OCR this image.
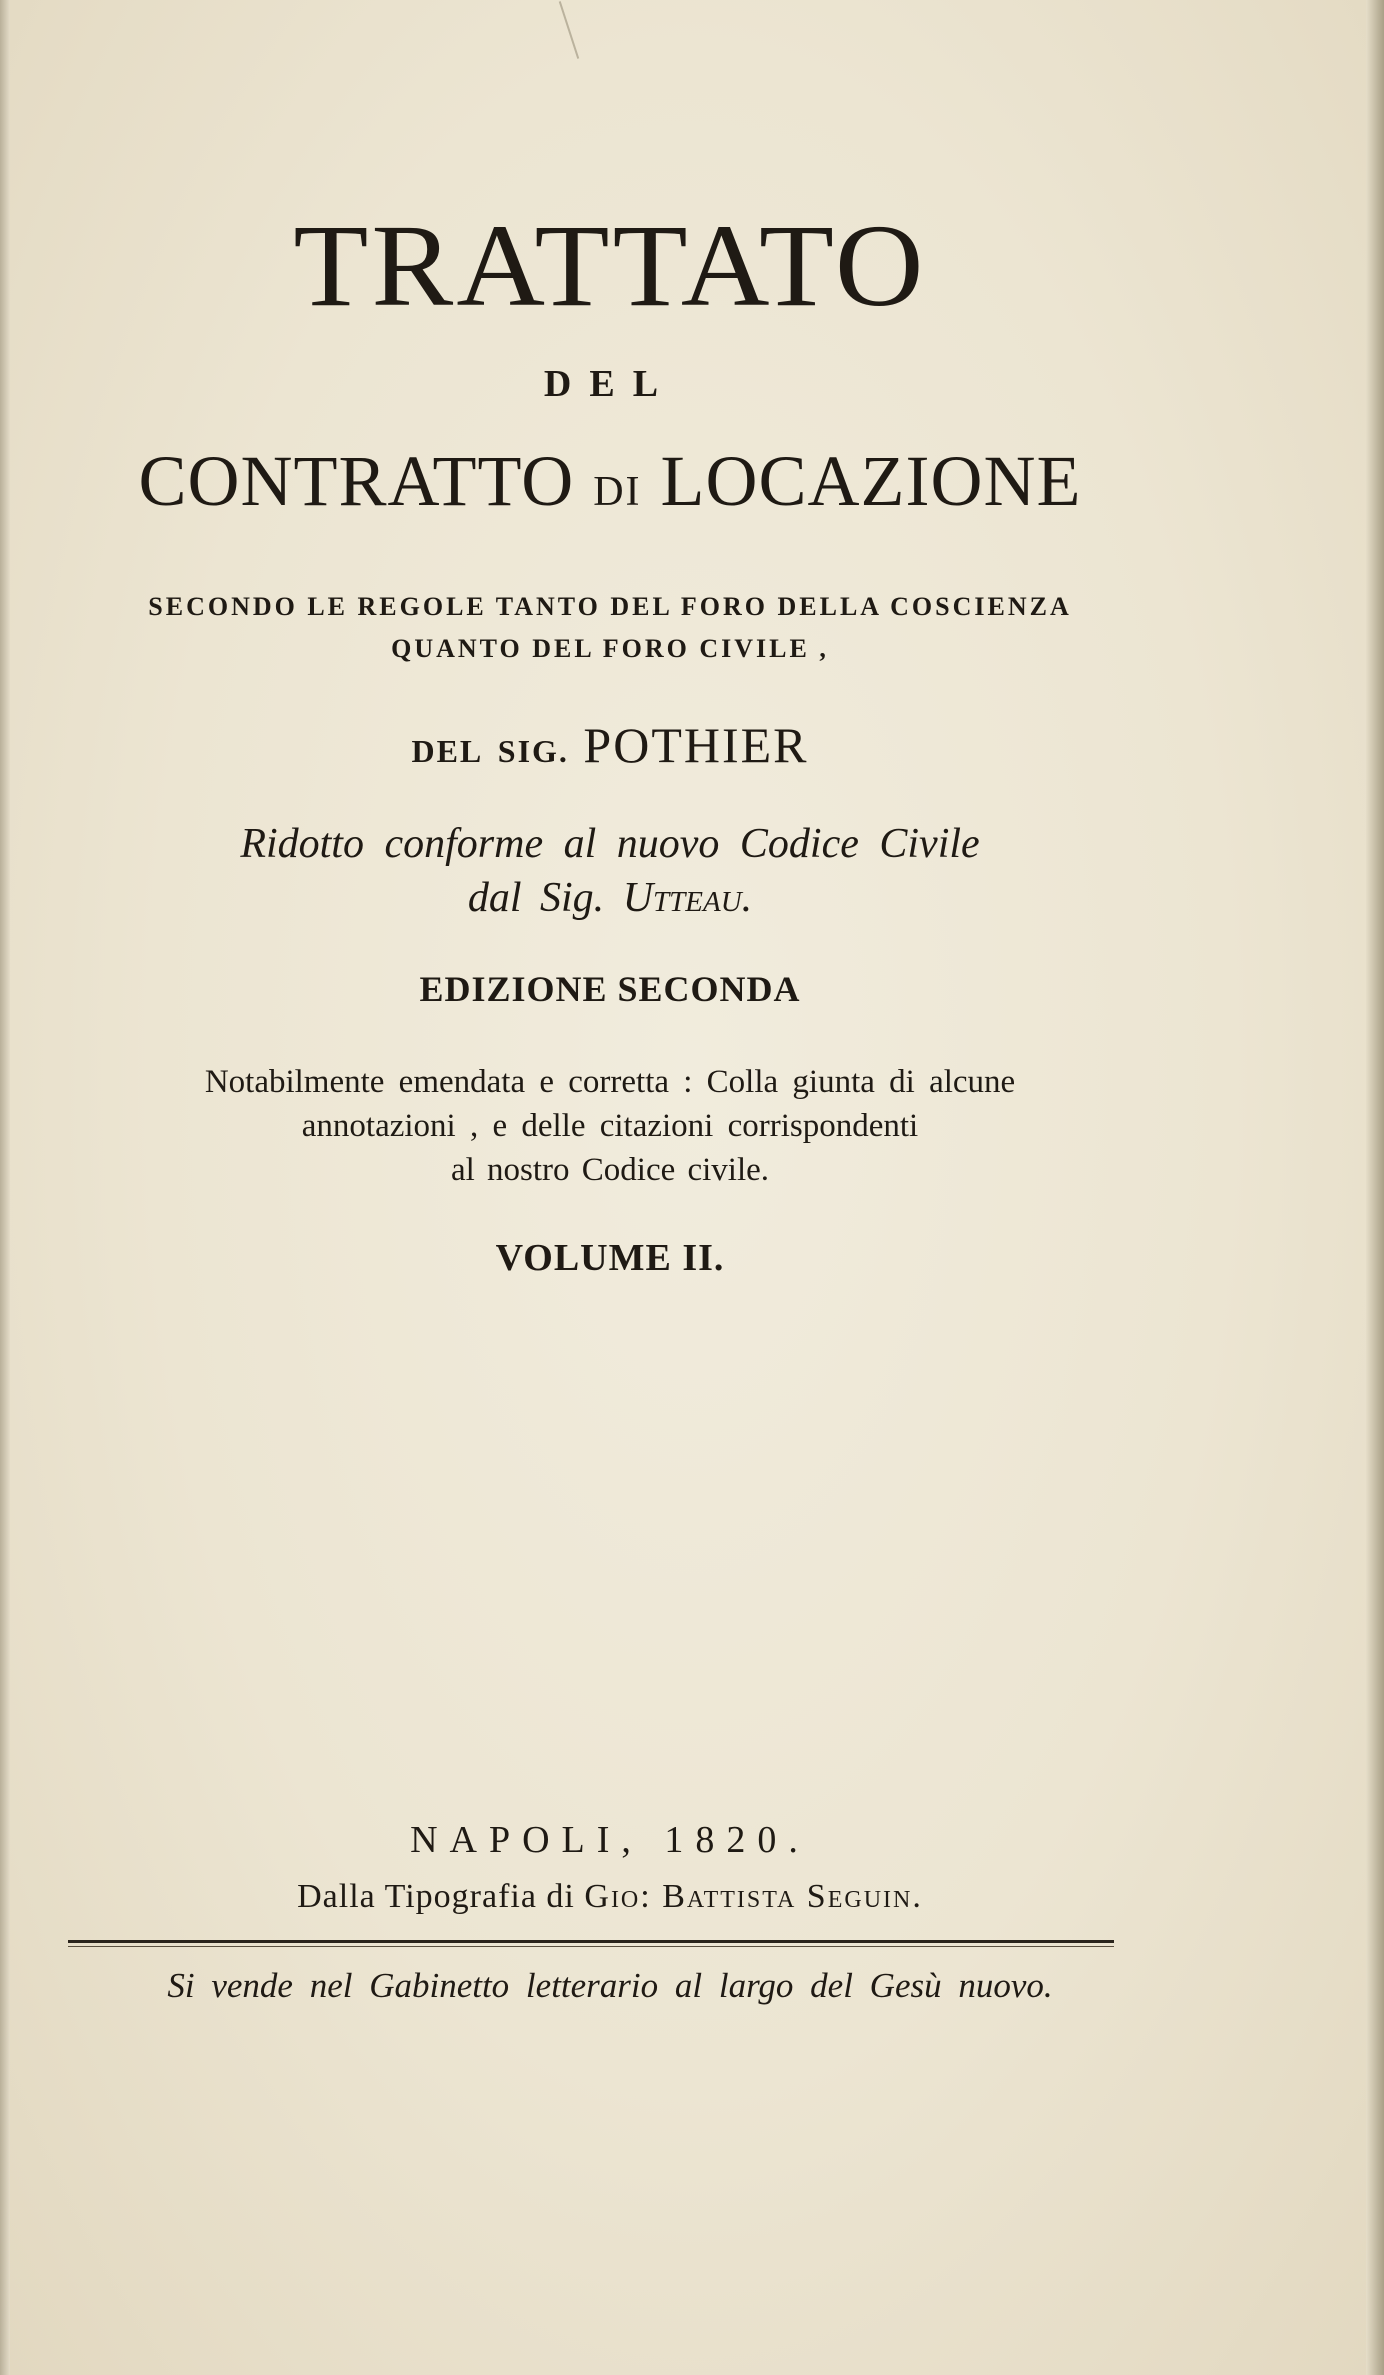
TRATTATO
DEL
CONTRATTO DI LOCAZIONE
SECONDO LE REGOLE TANTO DEL FORO DELLA COSCIENZA
QUANTO DEL FORO CIVILE ,
DEL SIG. POTHIER
Ridotto conforme al nuovo Codice Civile
dal Sig. Utteau.
EDIZIONE SECONDA
Notabilmente emendata e corretta : Colla giunta di alcune
annotazioni , e delle citazioni corrispondenti
al nostro Codice civile.
VOLUME II.
NAPOLI, 1820.
Dalla Tipografia di Gio: Battista Seguin.
Si vende nel Gabinetto letterario al largo del Gesù nuovo.
